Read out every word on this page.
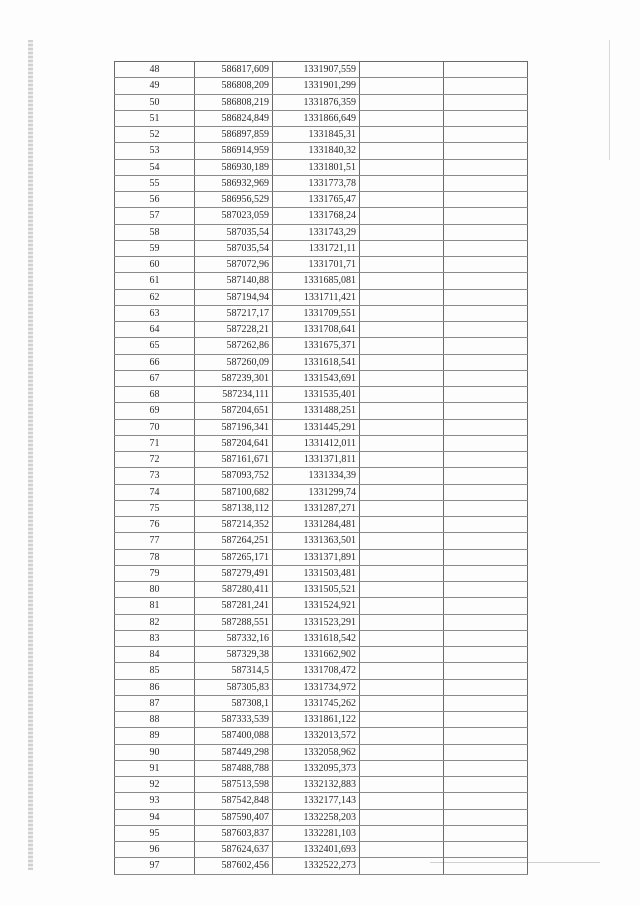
48	586817,609	1331907,559		
49	586808,209	1331901,299		
50	586808,219	1331876,359		
51	586824,849	1331866,649		
52	586897,859	1331845,31		
53	586914,959	1331840,32		
54	586930,189	1331801,51		
55	586932,969	1331773,78		
56	586956,529	1331765,47		
57	587023,059	1331768,24		
58	587035,54	1331743,29		
59	587035,54	1331721,11		
60	587072,96	1331701,71		
61	587140,88	1331685,081		
62	587194,94	1331711,421		
63	587217,17	1331709,551		
64	587228,21	1331708,641		
65	587262,86	1331675,371		
66	587260,09	1331618,541		
67	587239,301	1331543,691		
68	587234,111	1331535,401		
69	587204,651	1331488,251		
70	587196,341	1331445,291		
71	587204,641	1331412,011		
72	587161,671	1331371,811		
73	587093,752	1331334,39		
74	587100,682	1331299,74		
75	587138,112	1331287,271		
76	587214,352	1331284,481		
77	587264,251	1331363,501		
78	587265,171	1331371,891		
79	587279,491	1331503,481		
80	587280,411	1331505,521		
81	587281,241	1331524,921		
82	587288,551	1331523,291		
83	587332,16	1331618,542		
84	587329,38	1331662,902		
85	587314,5	1331708,472		
86	587305,83	1331734,972		
87	587308,1	1331745,262		
88	587333,539	1331861,122		
89	587400,088	1332013,572		
90	587449,298	1332058,962		
91	587488,788	1332095,373		
92	587513,598	1332132,883		
93	587542,848	1332177,143		
94	587590,407	1332258,203		
95	587603,837	1332281,103		
96	587624,637	1332401,693		
97	587602,456	1332522,273		
